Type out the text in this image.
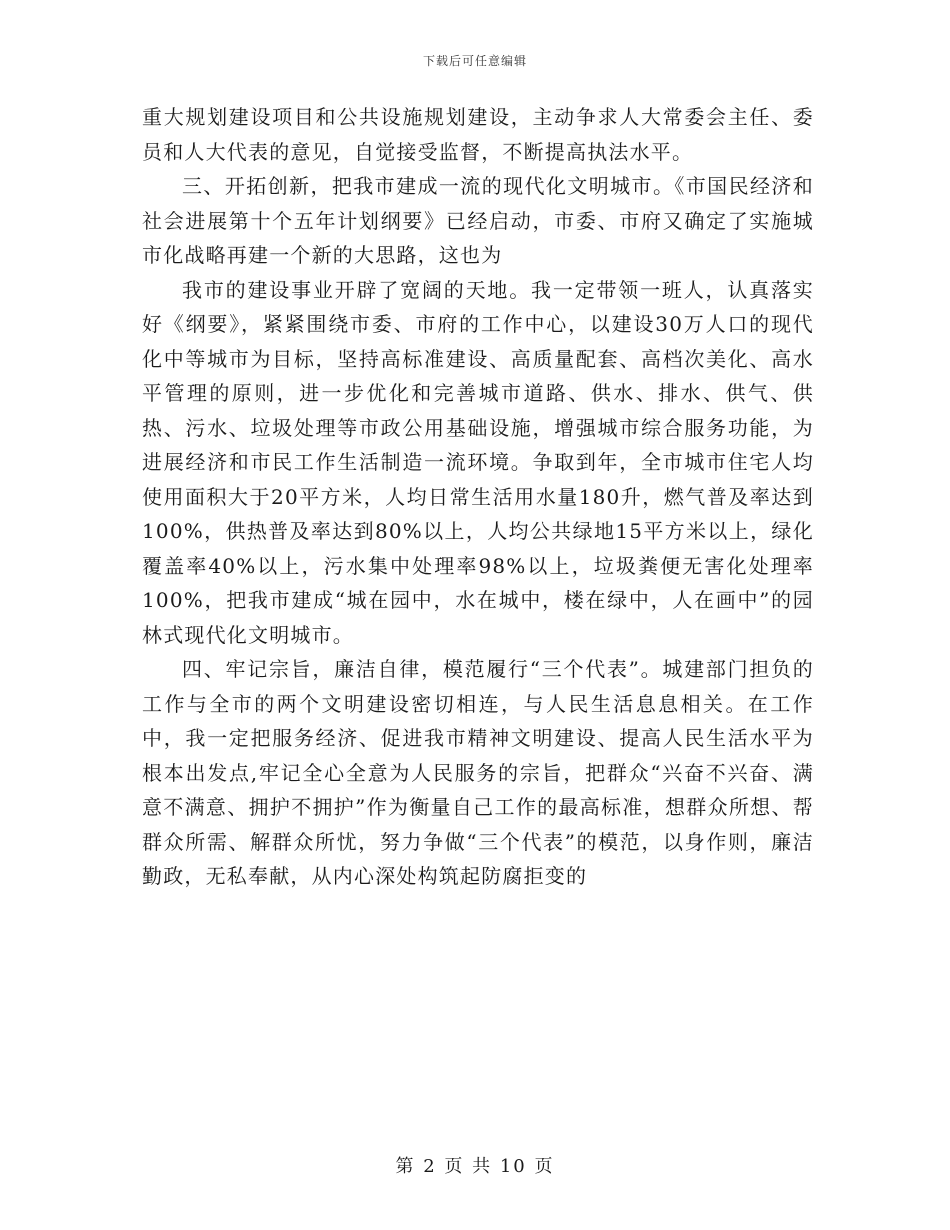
下载后可任意编辑

重大规划建设项目和公共设施规划建设，主动争求人大常委会主任、委员和人大代表的意见，自觉接受监督，不断提高执法水平。

三、开拓创新，把我市建成一流的现代化文明城市。《市国民经济和社会进展第十个五年计划纲要》已经启动，市委、市府又确定了实施城市化战略再建一个新的大思路，这也为

我市的建设事业开辟了宽阔的天地。我一定带领一班人，认真落实好《纲要》，紧紧围绕市委、市府的工作中心，以建设30万人口的现代化中等城市为目标，坚持高标准建设、高质量配套、高档次美化、高水平管理的原则，进一步优化和完善城市道路、供水、排水、供气、供热、污水、垃圾处理等市政公用基础设施，增强城市综合服务功能，为进展经济和市民工作生活制造一流环境。争取到年，全市城市住宅人均使用面积大于20平方米，人均日常生活用水量180升，燃气普及率达到100%，供热普及率达到80%以上，人均公共绿地15平方米以上，绿化覆盖率40%以上，污水集中处理率98%以上，垃圾粪便无害化处理率100%，把我市建成“城在园中，水在城中，楼在绿中，人在画中”的园林式现代化文明城市。

四、牢记宗旨，廉洁自律，模范履行“三个代表”。城建部门担负的工作与全市的两个文明建设密切相连，与人民生活息息相关。在工作中，我一定把服务经济、促进我市精神文明建设、提高人民生活水平为根本出发点,牢记全心全意为人民服务的宗旨，把群众“兴奋不兴奋、满意不满意、拥护不拥护”作为衡量自己工作的最高标准，想群众所想、帮群众所需、解群众所忧，努力争做“三个代表”的模范，以身作则，廉洁勤政，无私奉献，从内心深处构筑起防腐拒变的

第 2 页 共 10 页
